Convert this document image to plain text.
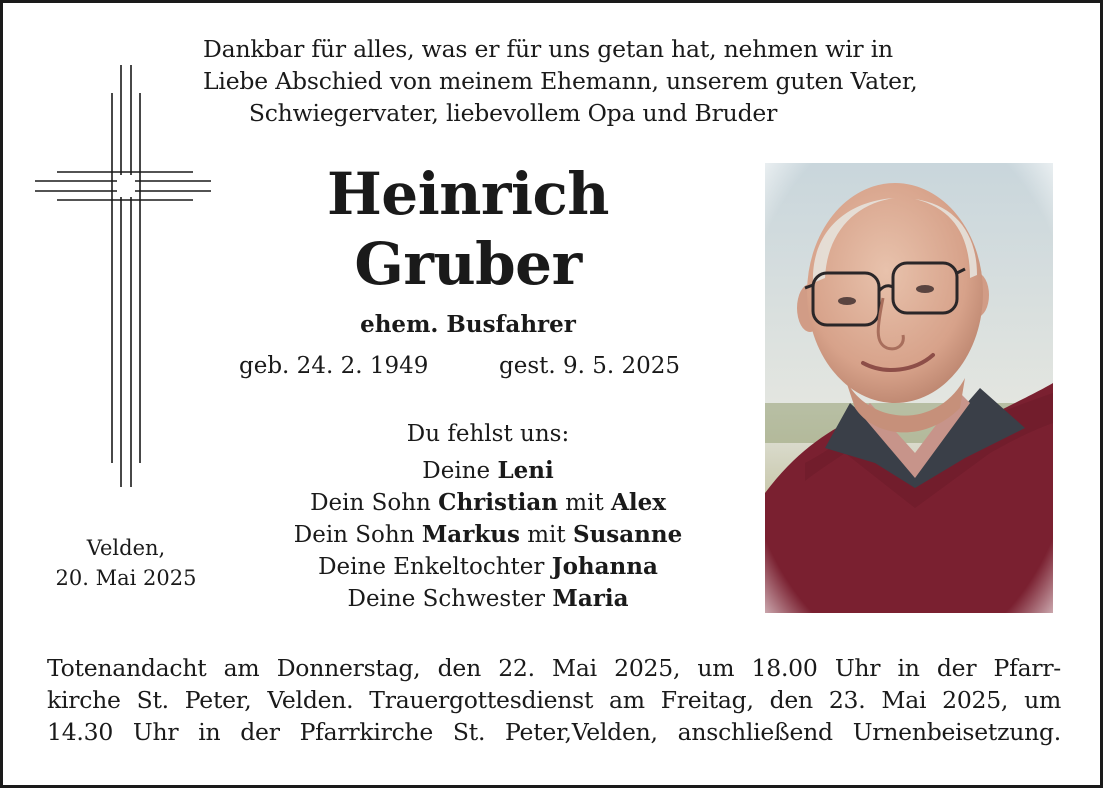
Dankbar für alles, was er für uns getan hat, nehmen wir in
Liebe Abschied von meinem Ehemann, unserem guten Vater,
Schwiegervater, liebevollem Opa und Bruder
Heinrich
Gruber
ehem. Busfahrer
geb. 24. 2. 1949	gest. 9. 5. 2025
Du fehlst uns:
Deine Leni
Dein Sohn Christian mit Alex
Dein Sohn Markus mit Susanne
Deine Enkeltochter Johanna
Deine Schwester Maria
Velden,
20. Mai 2025
Totenandacht am Donnerstag, den 22. Mai 2025, um 18.00 Uhr in der Pfarr-
kirche St. Peter, Velden. Trauergottesdienst am Freitag, den 23. Mai 2025, um
14.30 Uhr in der Pfarrkirche St. Peter,Velden, anschließend Urnenbeisetzung.
